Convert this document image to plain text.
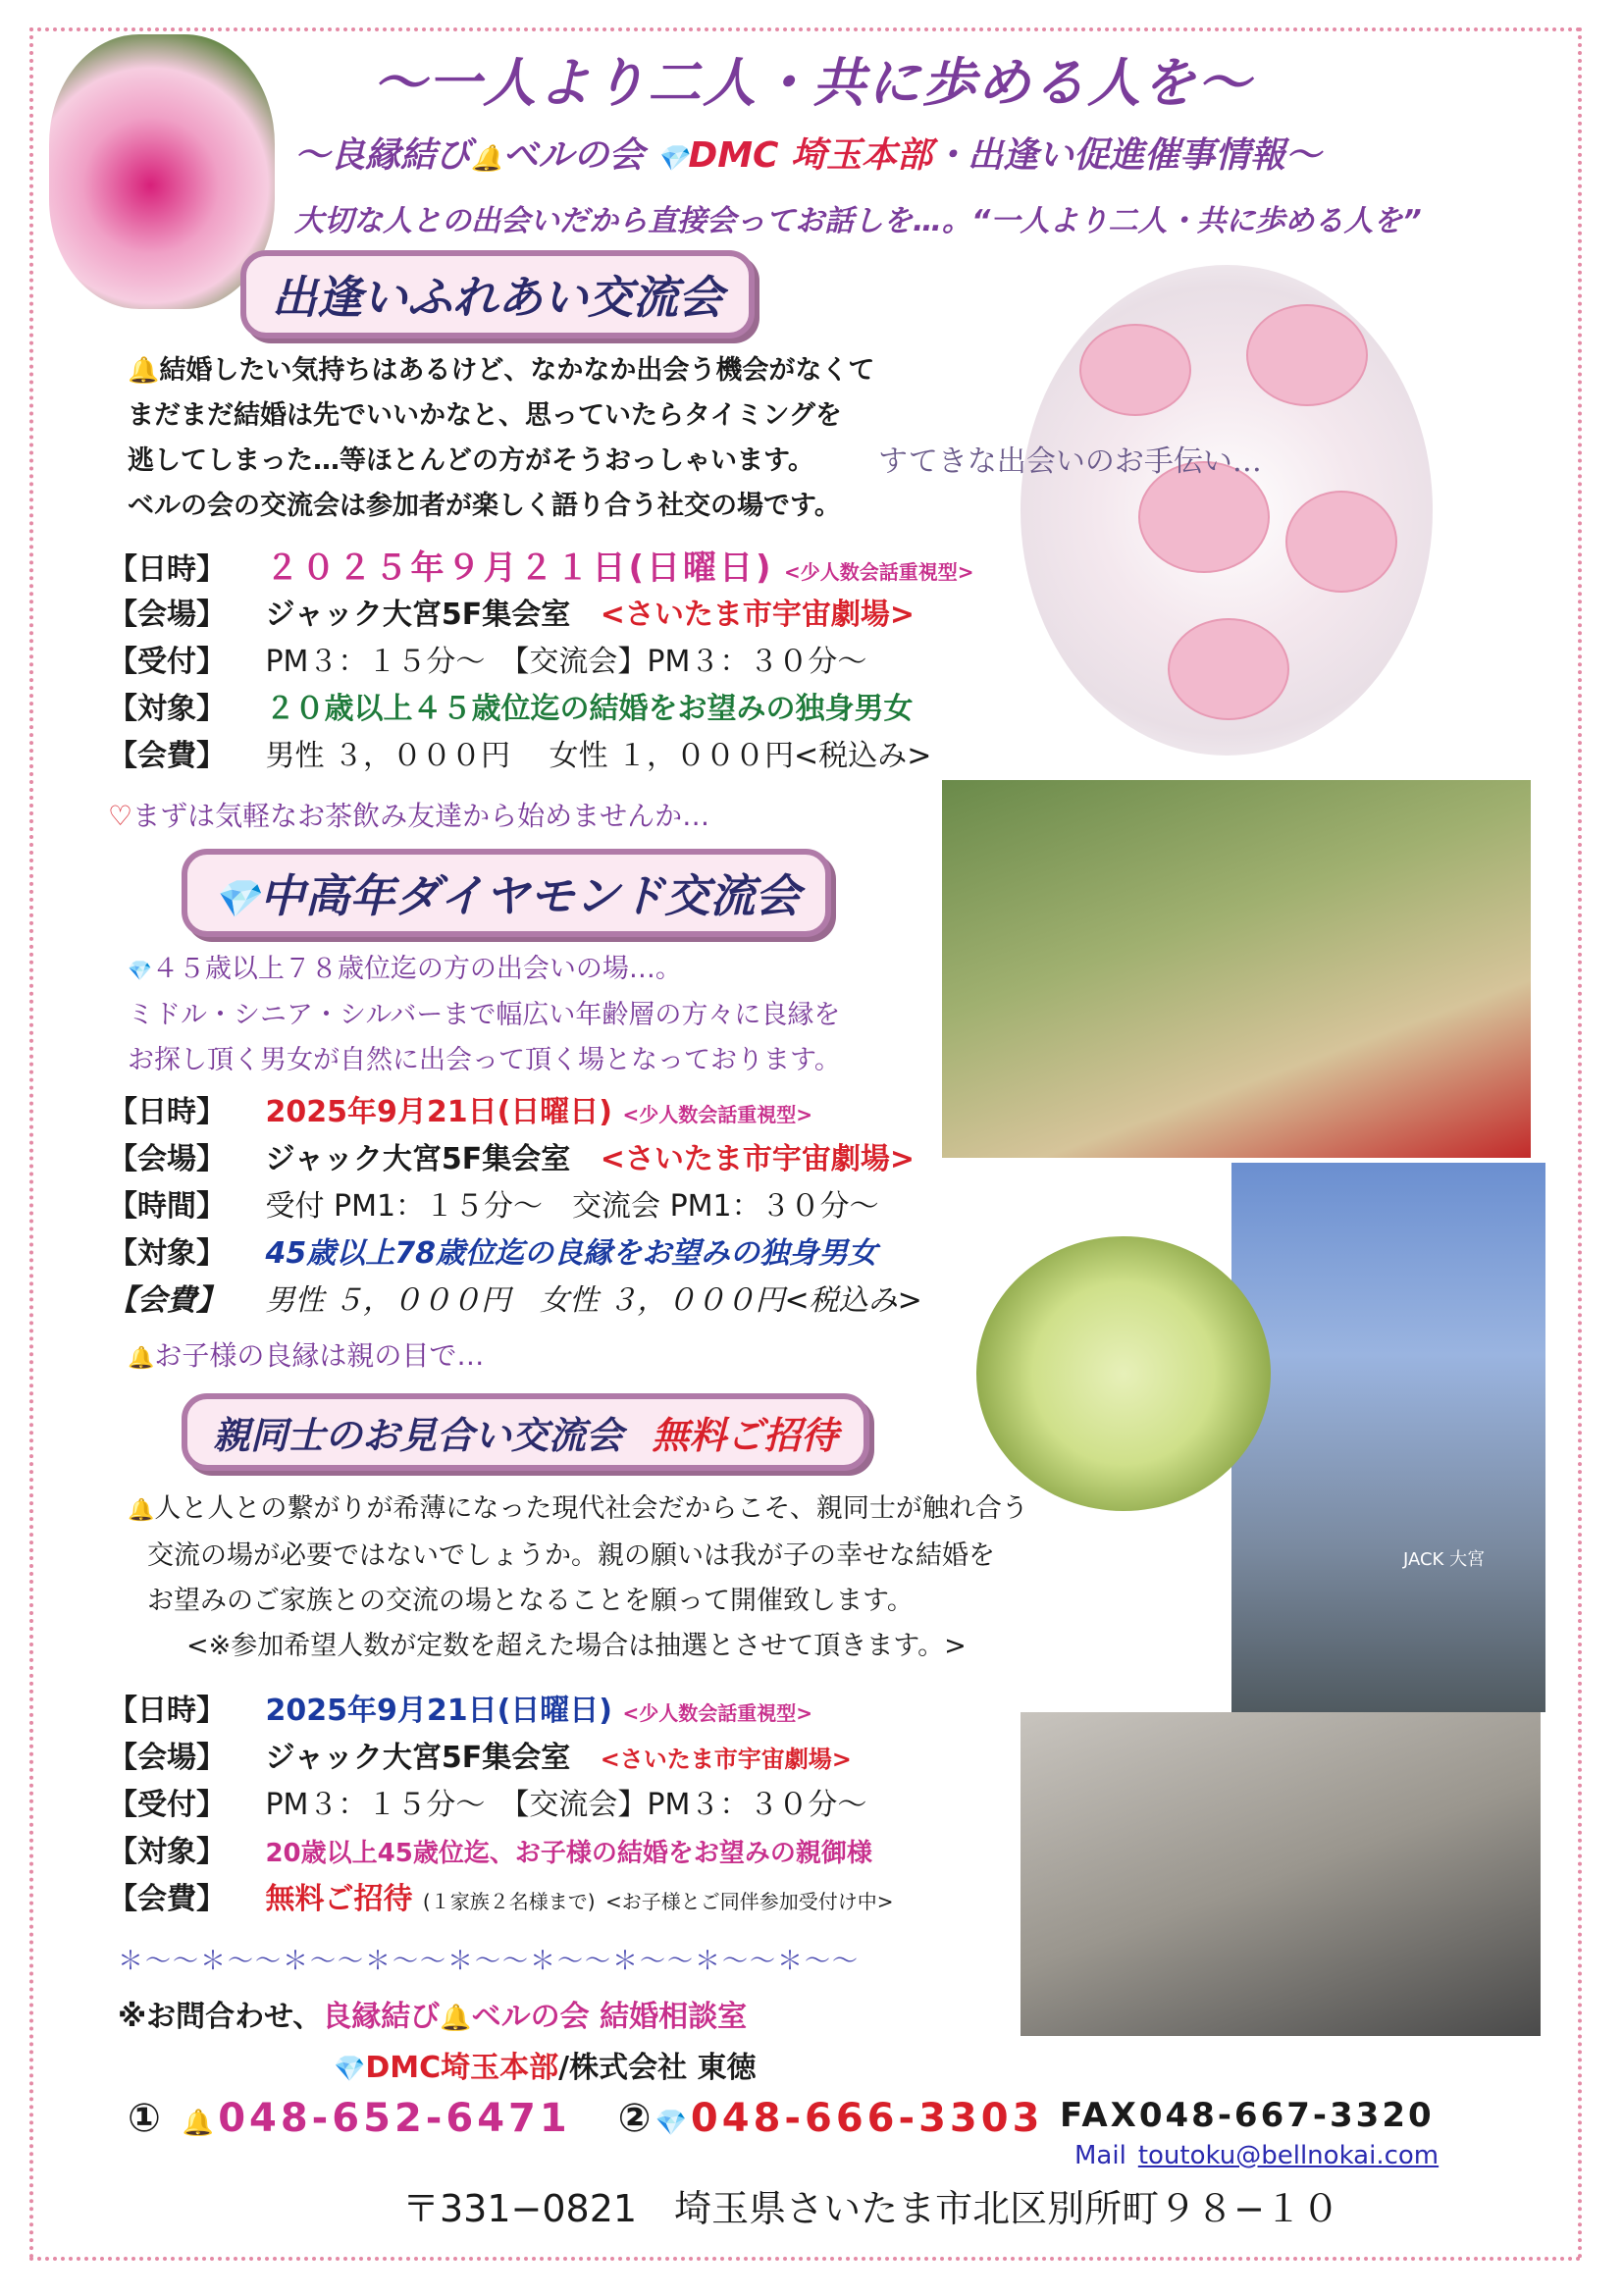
すてきな出会いのお手伝い…
JACK 大宮
〜一人より二人・共に歩める人を〜
〜良縁結び🔔ベルの会 💎DMC 埼玉本部・出逢い促進催事情報〜
大切な人との出会いだから直接会ってお話しを…。“一人より二人・共に歩める人を”
出逢いふれあい交流会
🔔結婚したい気持ちはあるけど、なかなか出会う機会がなくて
まだまだ結婚は先でいいかなと、思っていたらタイミングを
逃してしまった…等ほとんどの方がそうおっしゃいます。
ベルの会の交流会は参加者が楽しく語り合う社交の場です。
【日時】 ２０２５年９月２１日(日曜日) <少人数会話重視型>
【会場】 ジャック大宮5F集会室 <さいたま市宇宙劇場>
【受付】 PM３：１５分〜　【交流会】PM３：３０分〜
【対象】 ２０歳以上４５歳位迄の結婚をお望みの独身男女
【会費】 男性 ３，０００円　 女性 １，０００円<税込み>
♡まずは気軽なお茶飲み友達から始めませんか…
💎中高年ダイヤモンド交流会
💎４５歳以上７８歳位迄の方の出会いの場…。
ミドル・シニア・シルバーまで幅広い年齢層の方々に良縁を
お探し頂く男女が自然に出会って頂く場となっております。
【日時】 2025年9月21日(日曜日) <少人数会話重視型>
【会場】 ジャック大宮5F集会室 <さいたま市宇宙劇場>
【時間】 受付 PM1：１５分〜　交流会 PM1：３０分〜
【対象】 45歳以上78歳位迄の良縁をお望みの独身男女
【会費】 男性 ５，０００円　女性 ３，０００円<税込み>
🔔お子様の良縁は親の目で…
親同士のお見合い交流会 無料ご招待
🔔人と人との繋がりが希薄になった現代社会だからこそ、親同士が触れ合う
交流の場が必要ではないでしょうか。親の願いは我が子の幸せな結婚を
お望みのご家族との交流の場となることを願って開催致します。
<※参加希望人数が定数を超えた場合は抽選とさせて頂きます。>
【日時】 2025年9月21日(日曜日) <少人数会話重視型>
【会場】 ジャック大宮5F集会室 <さいたま市宇宙劇場>
【受付】 PM３：１５分〜　【交流会】PM３：３０分〜
【対象】 20歳以上45歳位迄、お子様の結婚をお望みの親御様
【会費】 無料ご招待 (１家族２名様まで) <お子様とご同伴参加受付け中>
＊〜〜＊〜〜＊〜〜＊〜〜＊〜〜＊〜〜＊〜〜＊〜〜＊〜〜
※お問合わせ、良縁結び🔔ベルの会 結婚相談室
💎DMC埼玉本部/株式会社 東徳
① 🔔048-652-6471 ②💎048-666-3303 FAX048-667-3320
Mail toutoku@bellnokai.com
〒331−0821　埼玉県さいたま市北区別所町９８−１０
